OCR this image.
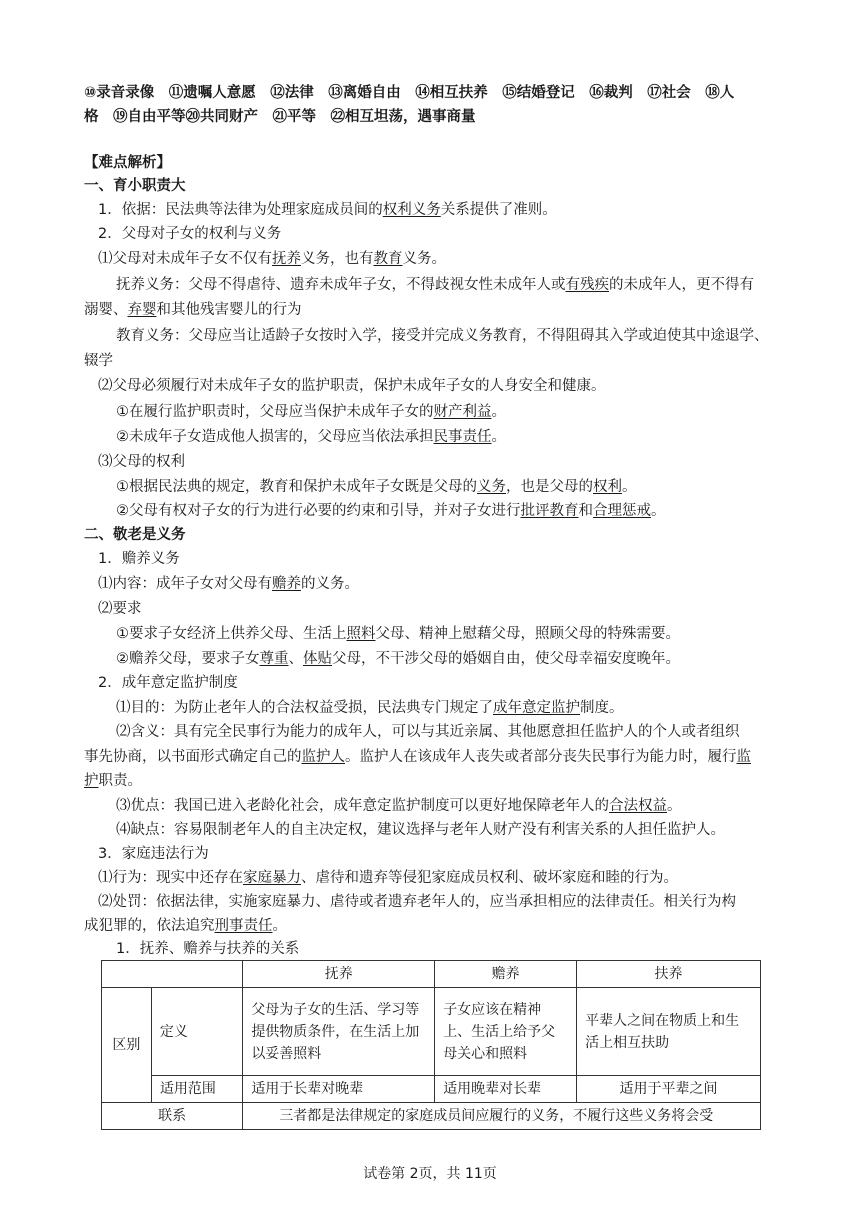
⑩录音录像　⑪遗嘱人意愿　⑫法律　⑬离婚自由　⑭相互扶养　⑮结婚登记　⑯裁判　⑰社会　⑱人
格　⑲自由平等⑳共同财产　㉑平等　㉒相互坦荡，遇事商量
【难点解析】
一、育小职责大
1．依据：民法典等法律为处理家庭成员间的权利义务关系提供了准则。
2．父母对子女的权利与义务
⑴父母对未成年子女不仅有抚养义务，也有教育义务。
抚养义务：父母不得虐待、遗弃未成年子女，不得歧视女性未成年人或有残疾的未成年人，更不得有
溺婴、弃婴和其他残害婴儿的行为
教育义务：父母应当让适龄子女按时入学，接受并完成义务教育，不得阻碍其入学或迫使其中途退学、
辍学
⑵父母必须履行对未成年子女的监护职责，保护未成年子女的人身安全和健康。
①在履行监护职责时，父母应当保护未成年子女的财产利益。
②未成年子女造成他人损害的，父母应当依法承担民事责任。
⑶父母的权利
①根据民法典的规定，教育和保护未成年子女既是父母的义务，也是父母的权利。
②父母有权对子女的行为进行必要的约束和引导，并对子女进行批评教育和合理惩戒。
二、敬老是义务
1．赡养义务
⑴内容：成年子女对父母有赡养的义务。
⑵要求
①要求子女经济上供养父母、生活上照料父母、精神上慰藉父母，照顾父母的特殊需要。
②赡养父母，要求子女尊重、体贴父母，不干涉父母的婚姻自由，使父母幸福安度晚年。
2．成年意定监护制度
⑴目的：为防止老年人的合法权益受损，民法典专门规定了成年意定监护制度。
⑵含义：具有完全民事行为能力的成年人，可以与其近亲属、其他愿意担任监护人的个人或者组织
事先协商，以书面形式确定自己的监护人。监护人在该成年人丧失或者部分丧失民事行为能力时，履行监
护职责。
⑶优点：我国已进入老龄化社会，成年意定监护制度可以更好地保障老年人的合法权益。
⑷缺点：容易限制老年人的自主决定权，建议选择与老年人财产没有利害关系的人担任监护人。
3．家庭违法行为
⑴行为：现实中还存在家庭暴力、虐待和遗弃等侵犯家庭成员权利、破坏家庭和睦的行为。
⑵处罚：依据法律，实施家庭暴力、虐待或者遗弃老年人的，应当承担相应的法律责任。相关行为构
成犯罪的，依法追究刑事责任。
1．抚养、赡养与扶养的关系
		抚养	赡养	扶养
区别	定义	父母为子女的生活、学习等提供物质条件，在生活上加以妥善照料	子女应该在精神上、生活上给予父母关心和照料	平辈人之间在物质上和生活上相互扶助
	适用范围	适用于长辈对晚辈	适用晚辈对长辈	适用于平辈之间
联系		三者都是法律规定的家庭成员间应履行的义务，不履行这些义务将会受		
试卷第 2页，共 11页
